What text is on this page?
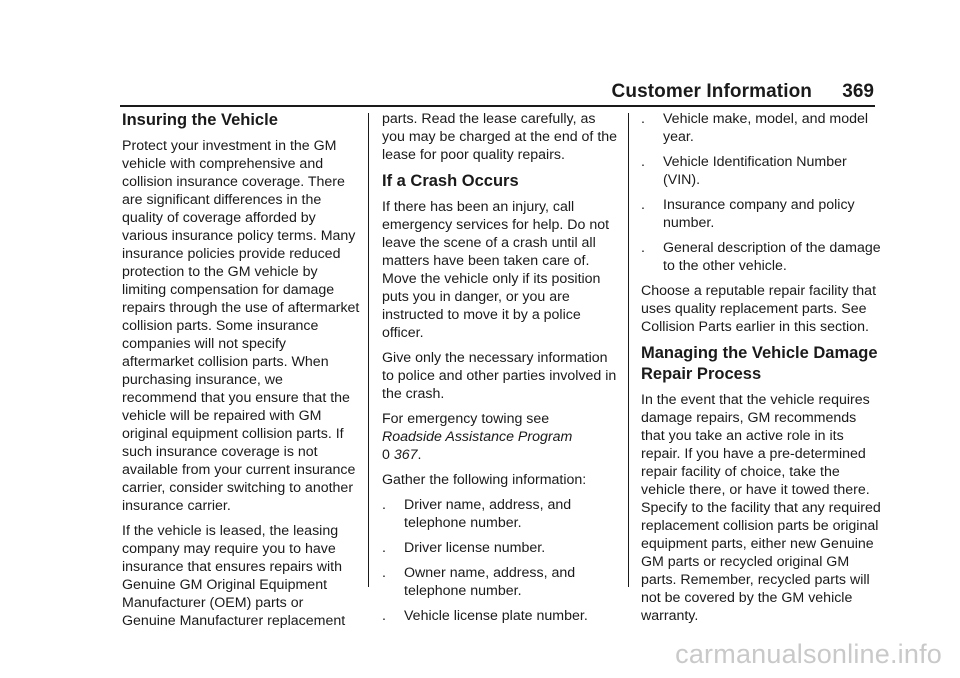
Customer Information 369
Insuring the Vehicle

Protect your investment in the GM vehicle with comprehensive and collision insurance coverage. There are significant differences in the quality of coverage afforded by various insurance policy terms. Many insurance policies provide reduced protection to the GM vehicle by limiting compensation for damage repairs through the use of aftermarket collision parts. Some insurance companies will not specify aftermarket collision parts. When purchasing insurance, we recommend that you ensure that the vehicle will be repaired with GM original equipment collision parts. If such insurance coverage is not available from your current insurance carrier, consider switching to another insurance carrier.

If the vehicle is leased, the leasing company may require you to have insurance that ensures repairs with Genuine GM Original Equipment Manufacturer (OEM) parts or Genuine Manufacturer replacement

parts. Read the lease carefully, as you may be charged at the end of the lease for poor quality repairs.

If a Crash Occurs

If there has been an injury, call emergency services for help. Do not leave the scene of a crash until all matters have been taken care of. Move the vehicle only if its position puts you in danger, or you are instructed to move it by a police officer.

Give only the necessary information to police and other parties involved in the crash.

For emergency towing see
Roadside Assistance Program
0 367.

Gather the following information:

.	Driver name, address, and telephone number.
.	Driver license number.
.	Owner name, address, and telephone number.
.	Vehicle license plate number.
.	Vehicle make, model, and model year.
.	Vehicle Identification Number (VIN).
.	Insurance company and policy number.
.	General description of the damage to the other vehicle.

Choose a reputable repair facility that uses quality replacement parts. See Collision Parts earlier in this section.

Managing the Vehicle Damage Repair Process

In the event that the vehicle requires damage repairs, GM recommends that you take an active role in its repair. If you have a pre-determined repair facility of choice, take the vehicle there, or have it towed there. Specify to the facility that any required replacement collision parts be original equipment parts, either new Genuine GM parts or recycled original GM parts. Remember, recycled parts will not be covered by the GM vehicle warranty.

carmanualsonline.info
